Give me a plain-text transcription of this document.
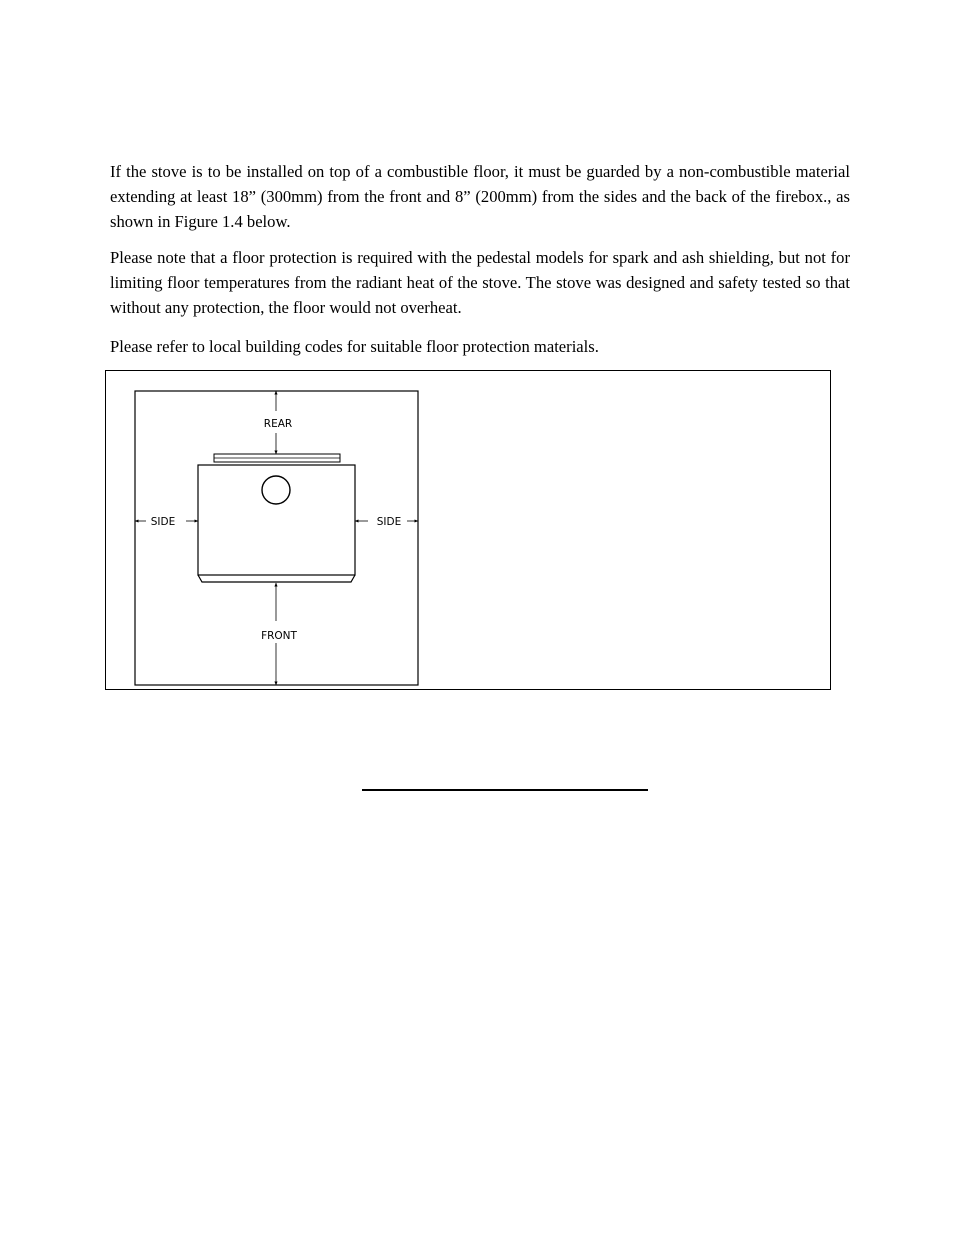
If the stove is to be installed on top of a combustible floor, it must be guarded by a non-combustible material extending at least 18” (300mm) from the front and 8” (200mm) from the sides and the back of the firebox., as shown in Figure 1.4 below.

Please note that a floor protection is required with the pedestal models for spark and ash shielding, but not for limiting floor temperatures from the radiant heat of the stove. The stove was designed and safety tested so that without any protection, the floor would not overheat.

Please refer to local building codes for suitable floor protection materials.

REAR
FRONT
SIDE	SIDE
